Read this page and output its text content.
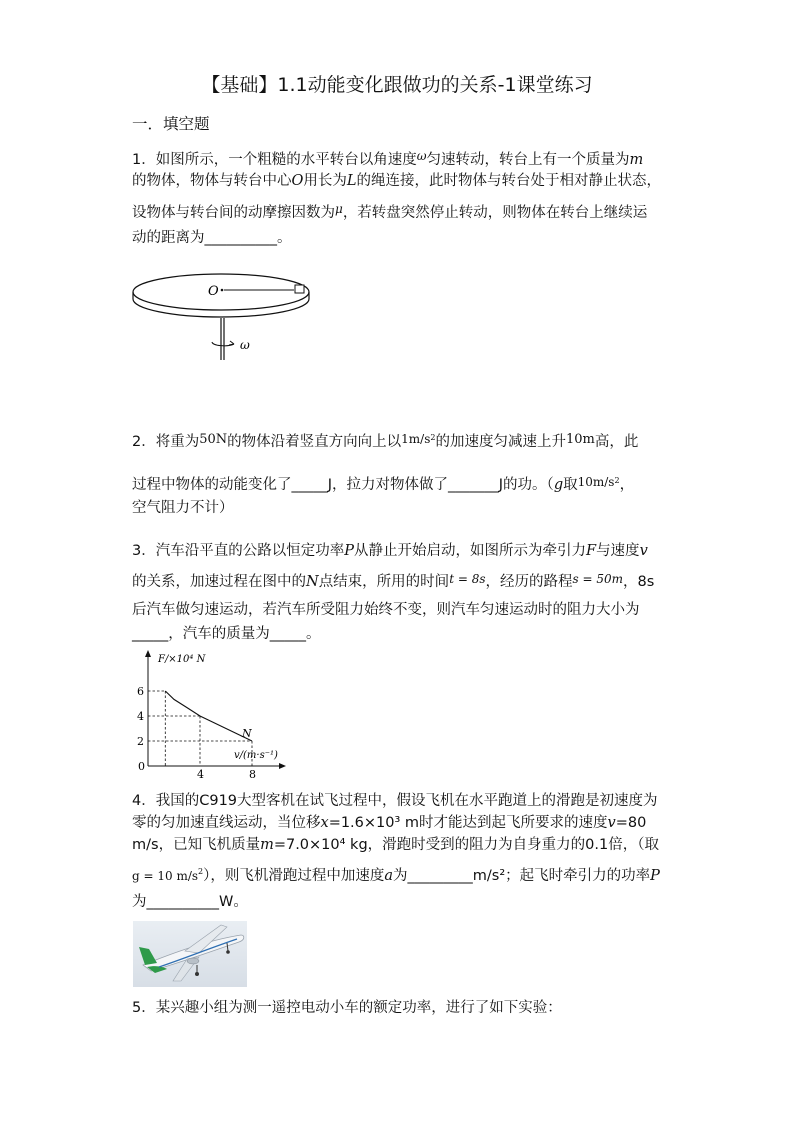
【基础】1.1动能变化跟做功的关系-1课堂练习
一．填空题
1．如图所示，一个粗糙的水平转台以角速度$^\omega$匀速转动，转台上有一个质量为m
的物体，物体与转台中心O用长为L的绳连接，此时物体与转台处于相对静止状态，
设物体与转台间的动摩擦因数为$^\mu$，若转盘突然停止转动，则物体在转台上继续运
动的距离为__________。
O
ω
2．将重为50N的物体沿着竖直方向向上以$^{1m/s2}$的加速度匀减速上升10m高，此
过程中物体的动能变化了_____J，拉力对物体做了_______J的功。（g取$^{10m/s2}$，
空气阻力不计）
3．汽车沿平直的公路以恒定功率P从静止开始启动，如图所示为牵引力F与速度v
的关系，加速过程在图中的N点结束，所用的时间$^{t = 8s}$，经历的路程$^{s = 50m}$，8s
后汽车做匀速运动，若汽车所受阻力始终不变，则汽车匀速运动时的阻力大小为
_____，汽车的质量为_____。
F/×10⁴ N
v/(m·s⁻¹)
0
4	8
2
4
6
N
4．我国的C919大型客机在试飞过程中，假设飞机在水平跑道上的滑跑是初速度为
零的匀加速直线运动，当位移x=1.6×10³ m时才能达到起飞所要求的速度v=80
m/s，已知飞机质量m=7.0×10⁴ kg，滑跑时受到的阻力为自身重力的0.1倍，（取
g = 10 $m/s^2$），则飞机滑跑过程中加速度a为_________m/s²；起飞时牵引力的功率P
为__________W。
5．某兴趣小组为测一遥控电动小车的额定功率，进行了如下实验：
